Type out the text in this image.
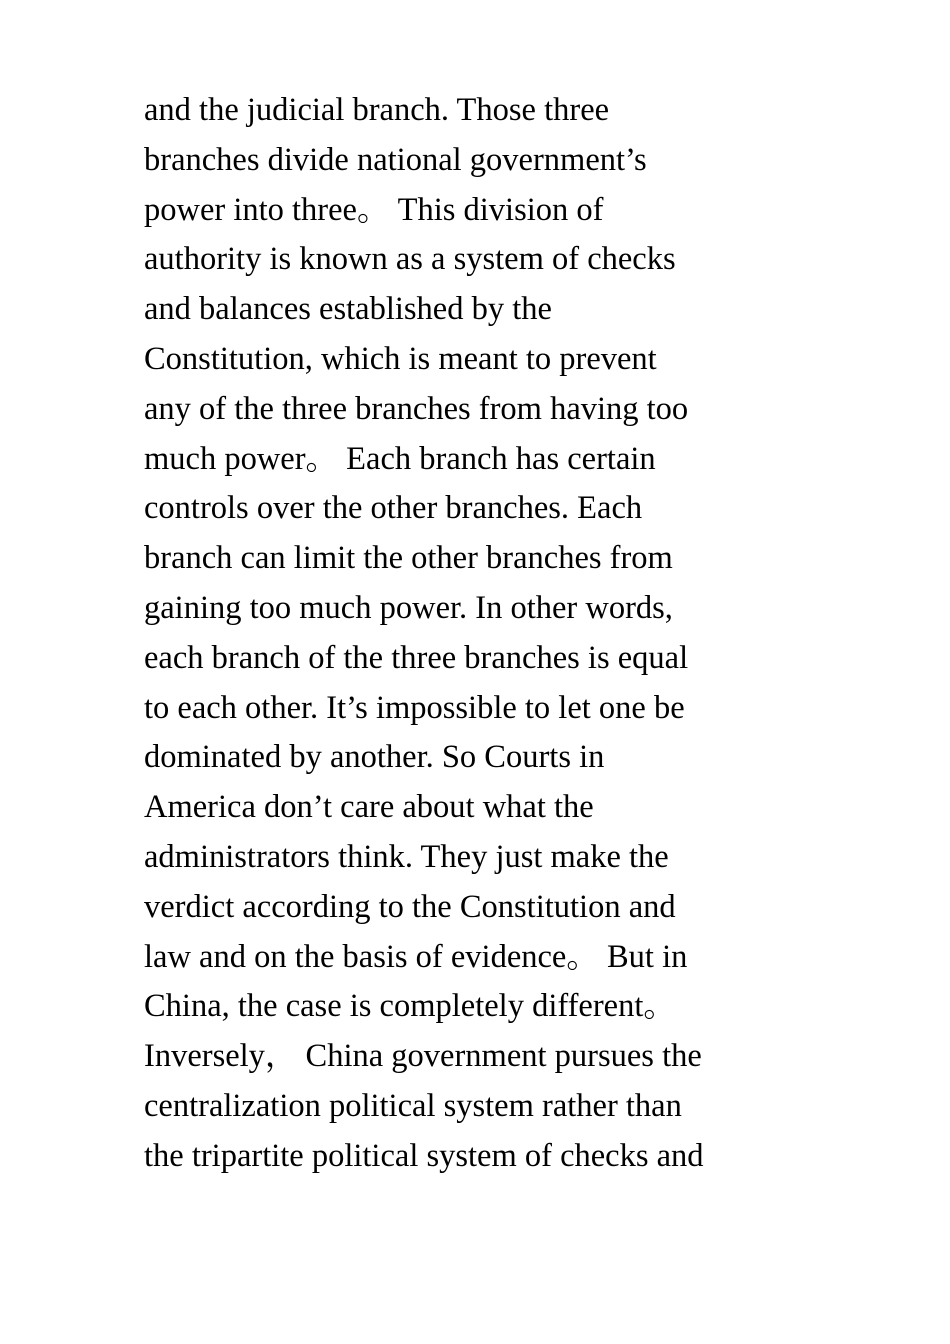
and the judicial branch. Those three
branches divide national government’s
power into three。 This division of
authority is known as a system of checks
and balances established by the
Constitution, which is meant to prevent
any of the three branches from having too
much power。 Each branch has certain
controls over the other branches. Each
branch can limit the other branches from
gaining too much power. In other words,
each branch of the three branches is equal
to each other. It’s impossible to let one be
dominated by another. So Courts in
America don’t care about what the
administrators think. They just make the
verdict according to the Constitution and
law and on the basis of evidence。 But in
China, the case is completely different。
Inversely， China government pursues the
centralization political system rather than
the tripartite political system of checks and
